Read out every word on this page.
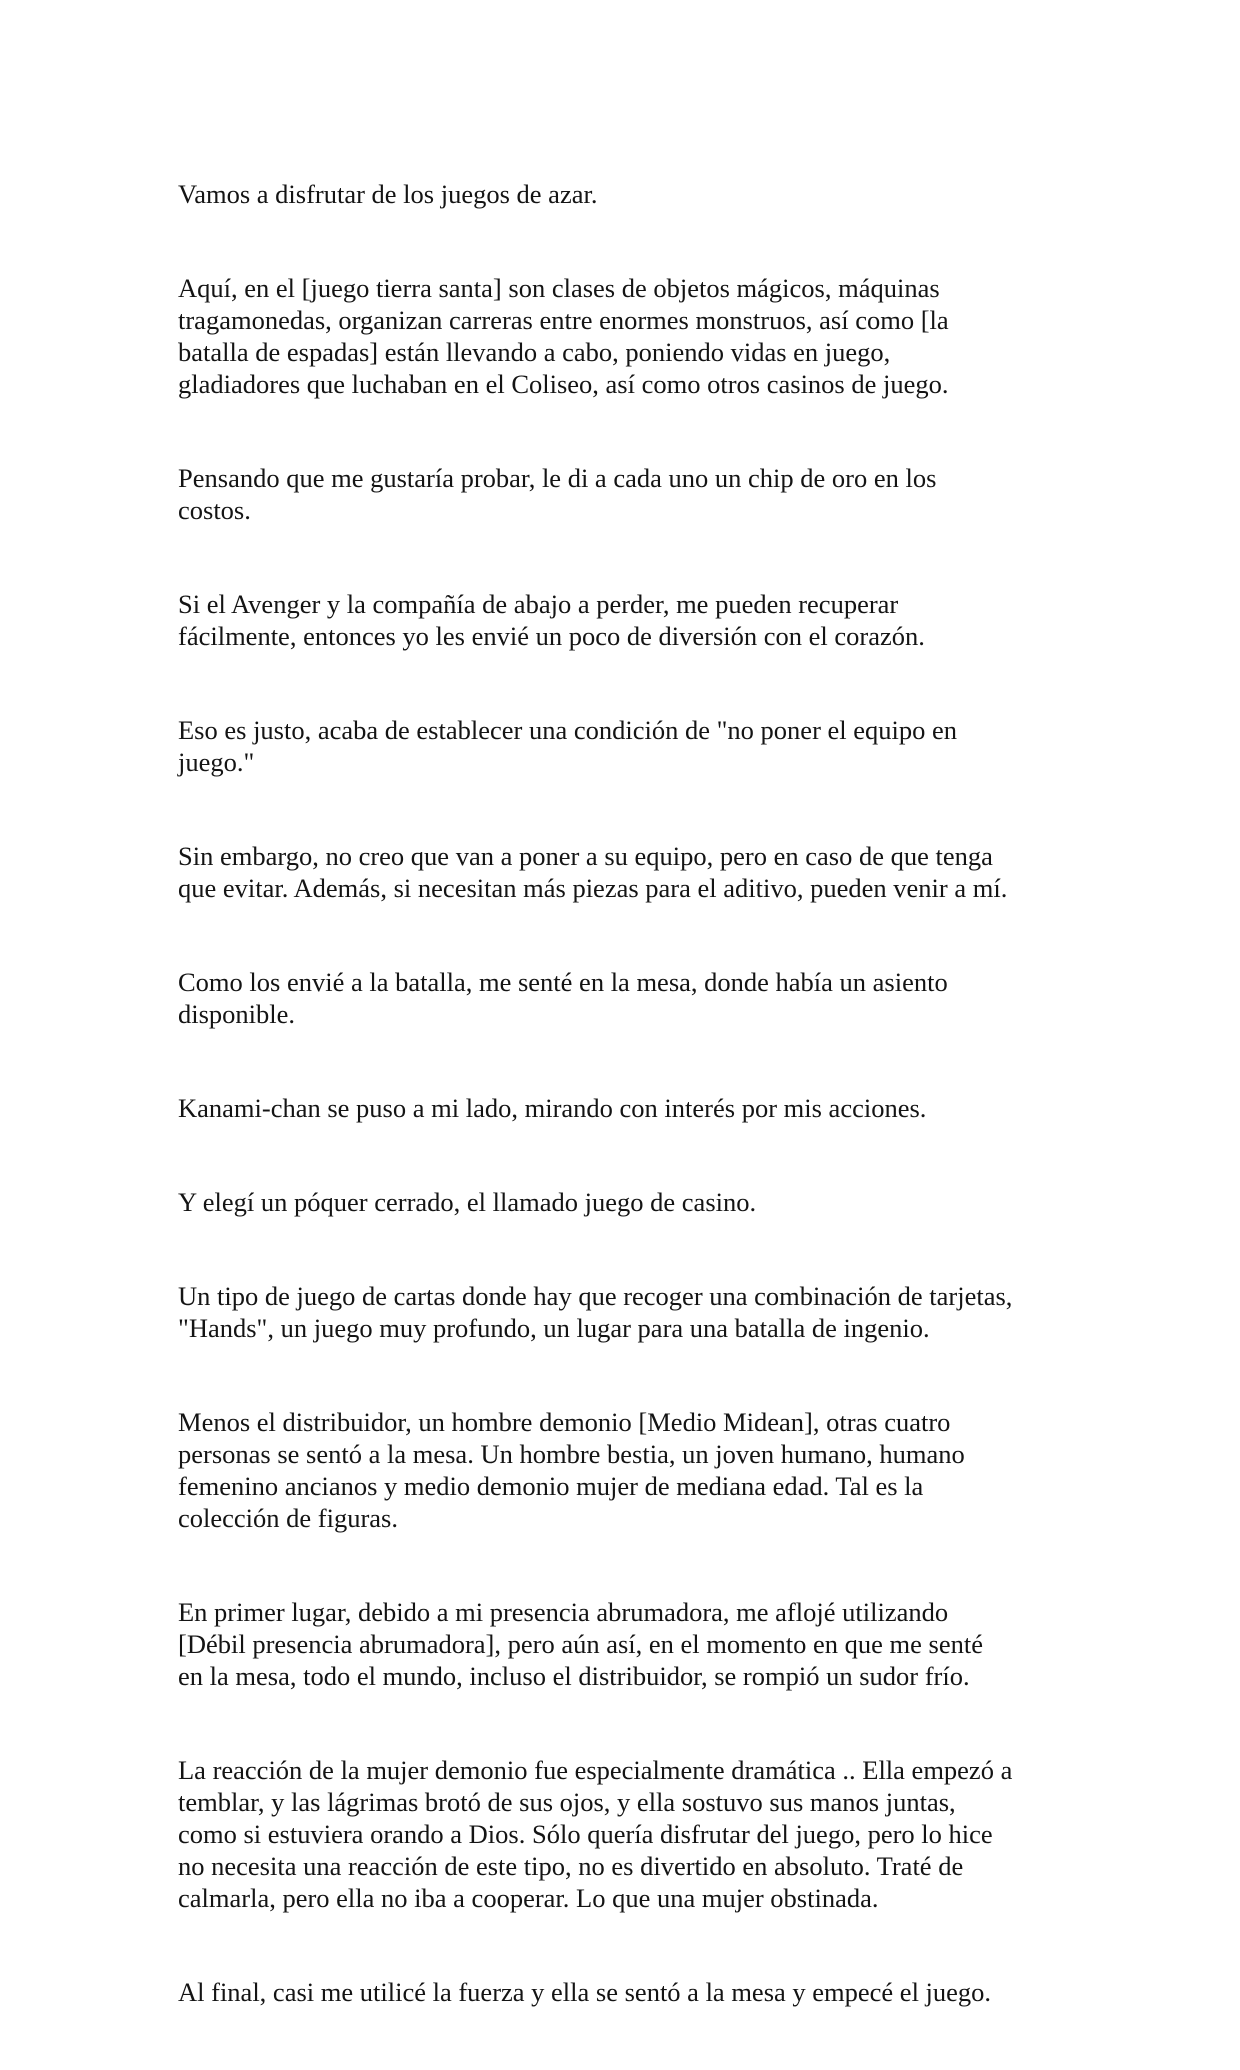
Vamos a disfrutar de los juegos de azar.

Aquí, en el [juego tierra santa] son clases de objetos mágicos, máquinas
tragamonedas, organizan carreras entre enormes monstruos, así como [la
batalla de espadas] están llevando a cabo, poniendo vidas en juego,
gladiadores que luchaban en el Coliseo, así como otros casinos de juego.

Pensando que me gustaría probar, le di a cada uno un chip de oro en los
costos.

Si el Avenger y la compañía de abajo a perder, me pueden recuperar
fácilmente, entonces yo les envié un poco de diversión con el corazón.

Eso es justo, acaba de establecer una condición de "no poner el equipo en
juego."

Sin embargo, no creo que van a poner a su equipo, pero en caso de que tenga
que evitar. Además, si necesitan más piezas para el aditivo, pueden venir a mí.

Como los envié a la batalla, me senté en la mesa, donde había un asiento
disponible.

Kanami-chan se puso a mi lado, mirando con interés por mis acciones.

Y elegí un póquer cerrado, el llamado juego de casino.

Un tipo de juego de cartas donde hay que recoger una combinación de tarjetas,
"Hands", un juego muy profundo, un lugar para una batalla de ingenio.

Menos el distribuidor, un hombre demonio [Medio Midean], otras cuatro
personas se sentó a la mesa. Un hombre bestia, un joven humano, humano
femenino ancianos y medio demonio mujer de mediana edad. Tal es la
colección de figuras.

En primer lugar, debido a mi presencia abrumadora, me aflojé utilizando
[Débil presencia abrumadora], pero aún así, en el momento en que me senté
en la mesa, todo el mundo, incluso el distribuidor, se rompió un sudor frío.

La reacción de la mujer demonio fue especialmente dramática .. Ella empezó a
temblar, y las lágrimas brotó de sus ojos, y ella sostuvo sus manos juntas,
como si estuviera orando a Dios. Sólo quería disfrutar del juego, pero lo hice
no necesita una reacción de este tipo, no es divertido en absoluto. Traté de
calmarla, pero ella no iba a cooperar. Lo que una mujer obstinada.

Al final, casi me utilicé la fuerza y ella se sentó a la mesa y empecé el juego.
